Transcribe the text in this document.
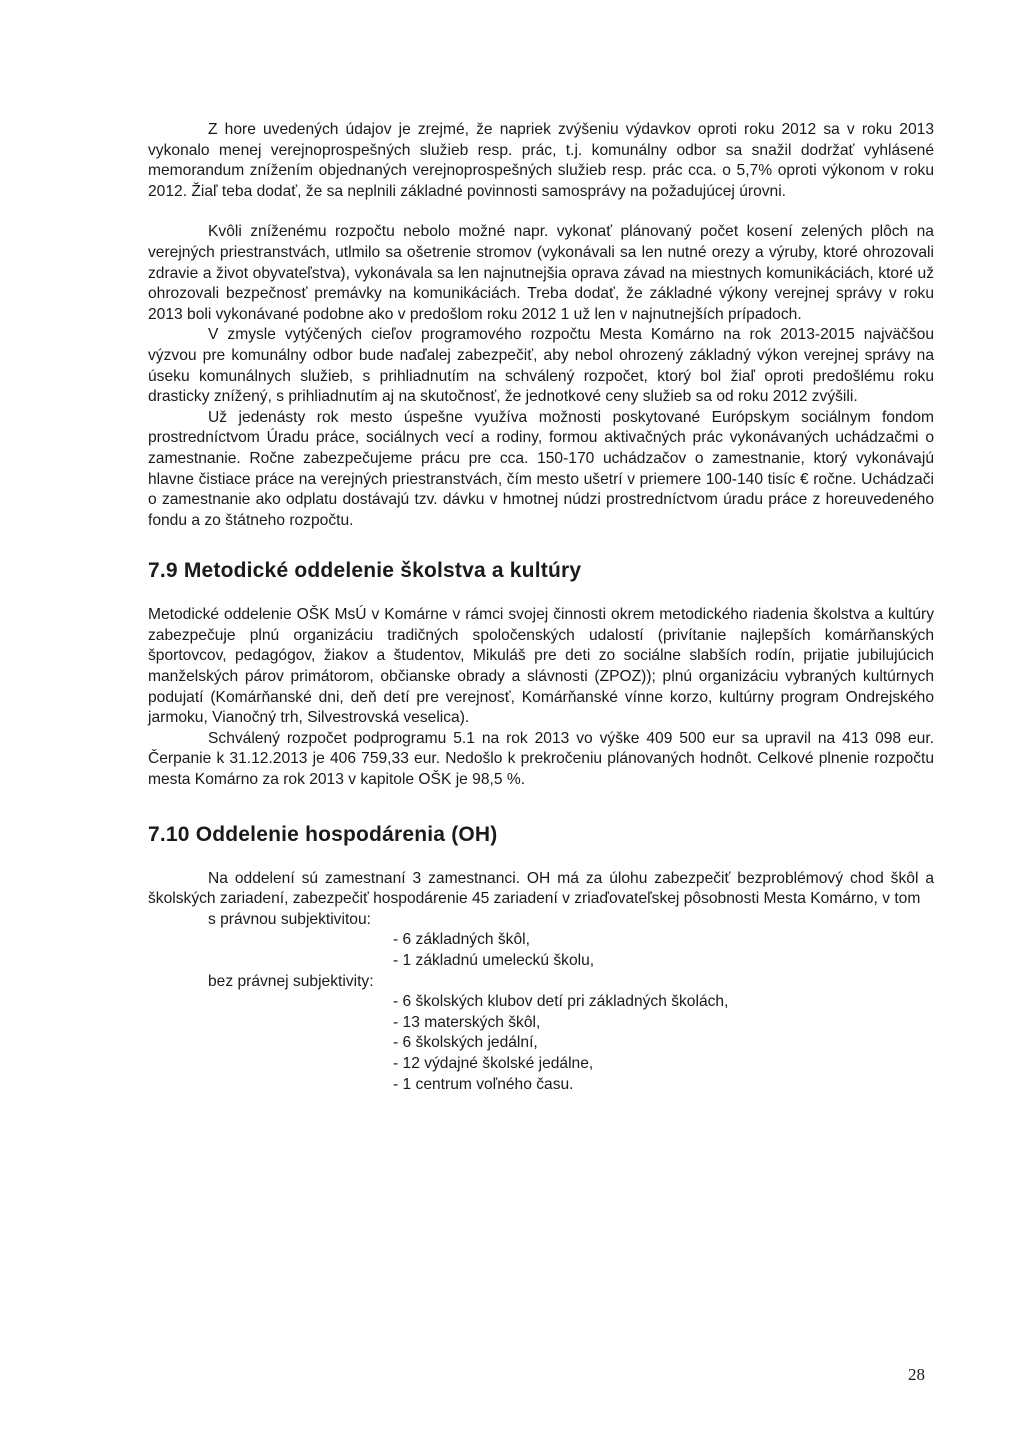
Z hore uvedených údajov je zrejmé, že napriek zvýšeniu výdavkov oproti roku 2012 sa v roku 2013 vykonalo menej verejnoprospešných služieb resp. prác, t.j. komunálny odbor sa snažil dodržať vyhlásené memorandum znížením objednaných verejnoprospešných služieb resp. prác cca. o 5,7% oproti výkonom v roku 2012. Žiaľ teba dodať, že sa neplnili základné povinnosti samosprávy na požadujúcej úrovni.

Kvôli zníženému rozpočtu nebolo možné napr. vykonať plánovaný počet kosení zelených plôch na verejných priestranstvách, utlmilo sa ošetrenie stromov (vykonávali sa len nutné orezy a výruby, ktoré ohrozovali zdravie a život obyvateľstva), vykonávala sa len najnutnejšia oprava závad na miestnych komunikáciách, ktoré už ohrozovali bezpečnosť premávky na komunikáciách. Treba dodať, že základné výkony verejnej správy v roku 2013 boli vykonávané podobne ako v predošlom roku 2012 1 už len v najnutnejších prípadoch.

V zmysle vytýčených cieľov programového rozpočtu Mesta Komárno na rok 2013-2015 najväčšou výzvou pre komunálny odbor bude naďalej zabezpečiť, aby nebol ohrozený základný výkon verejnej správy na úseku komunálnych služieb, s prihliadnutím na schválený rozpočet, ktorý bol žiaľ oproti predošlému roku drasticky znížený, s prihliadnutím aj na skutočnosť, že jednotkové ceny služieb sa od roku 2012 zvýšili.

Už jedenásty rok mesto úspešne využíva možnosti poskytované Európskym sociálnym fondom prostredníctvom Úradu práce, sociálnych vecí a rodiny, formou aktivačných prác vykonávaných uchádzačmi o zamestnanie. Ročne zabezpečujeme prácu pre cca. 150-170 uchádzačov o zamestnanie, ktorý vykonávajú hlavne čistiace práce na verejných priestranstvách, čím mesto ušetrí v priemere 100-140 tisíc € ročne. Uchádzači o zamestnanie ako odplatu dostávajú tzv. dávku v hmotnej núdzi prostredníctvom úradu práce z horeuvedeného fondu a zo štátneho rozpočtu.

7.9 Metodické oddelenie školstva a kultúry

Metodické oddelenie OŠK MsÚ v Komárne v rámci svojej činnosti okrem metodického riadenia školstva a kultúry zabezpečuje plnú organizáciu tradičných spoločenských udalostí (privítanie najlepších komárňanských športovcov, pedagógov, žiakov a študentov, Mikuláš pre deti zo sociálne slabších rodín, prijatie jubilujúcich manželských párov primátorom, občianske obrady a slávnosti (ZPOZ)); plnú organizáciu vybraných kultúrnych podujatí (Komárňanské dni, deň detí pre verejnosť, Komárňanské vínne korzo, kultúrny program Ondrejského jarmoku, Vianočný trh, Silvestrovská veselica).

Schválený rozpočet podprogramu 5.1 na rok 2013 vo výške 409 500 eur sa upravil na 413 098 eur. Čerpanie k 31.12.2013 je 406 759,33 eur. Nedošlo k prekročeniu plánovaných hodnôt. Celkové plnenie rozpočtu mesta Komárno za rok 2013 v kapitole OŠK je 98,5 %.

7.10 Oddelenie hospodárenia (OH)

Na oddelení sú zamestnaní 3 zamestnanci. OH má za úlohu zabezpečiť bezproblémový chod škôl a školských zariadení, zabezpečiť hospodárenie 45 zariadení v zriaďovateľskej pôsobnosti Mesta Komárno, v tom

s právnou subjektivitou:
- 6 základných škôl,
- 1 základnú umeleckú školu,
bez právnej subjektivity:
- 6 školských klubov detí pri základných školách,
- 13 materských škôl,
- 6 školských jedální,
- 12 výdajné školské jedálne,
- 1 centrum voľného času.
28
